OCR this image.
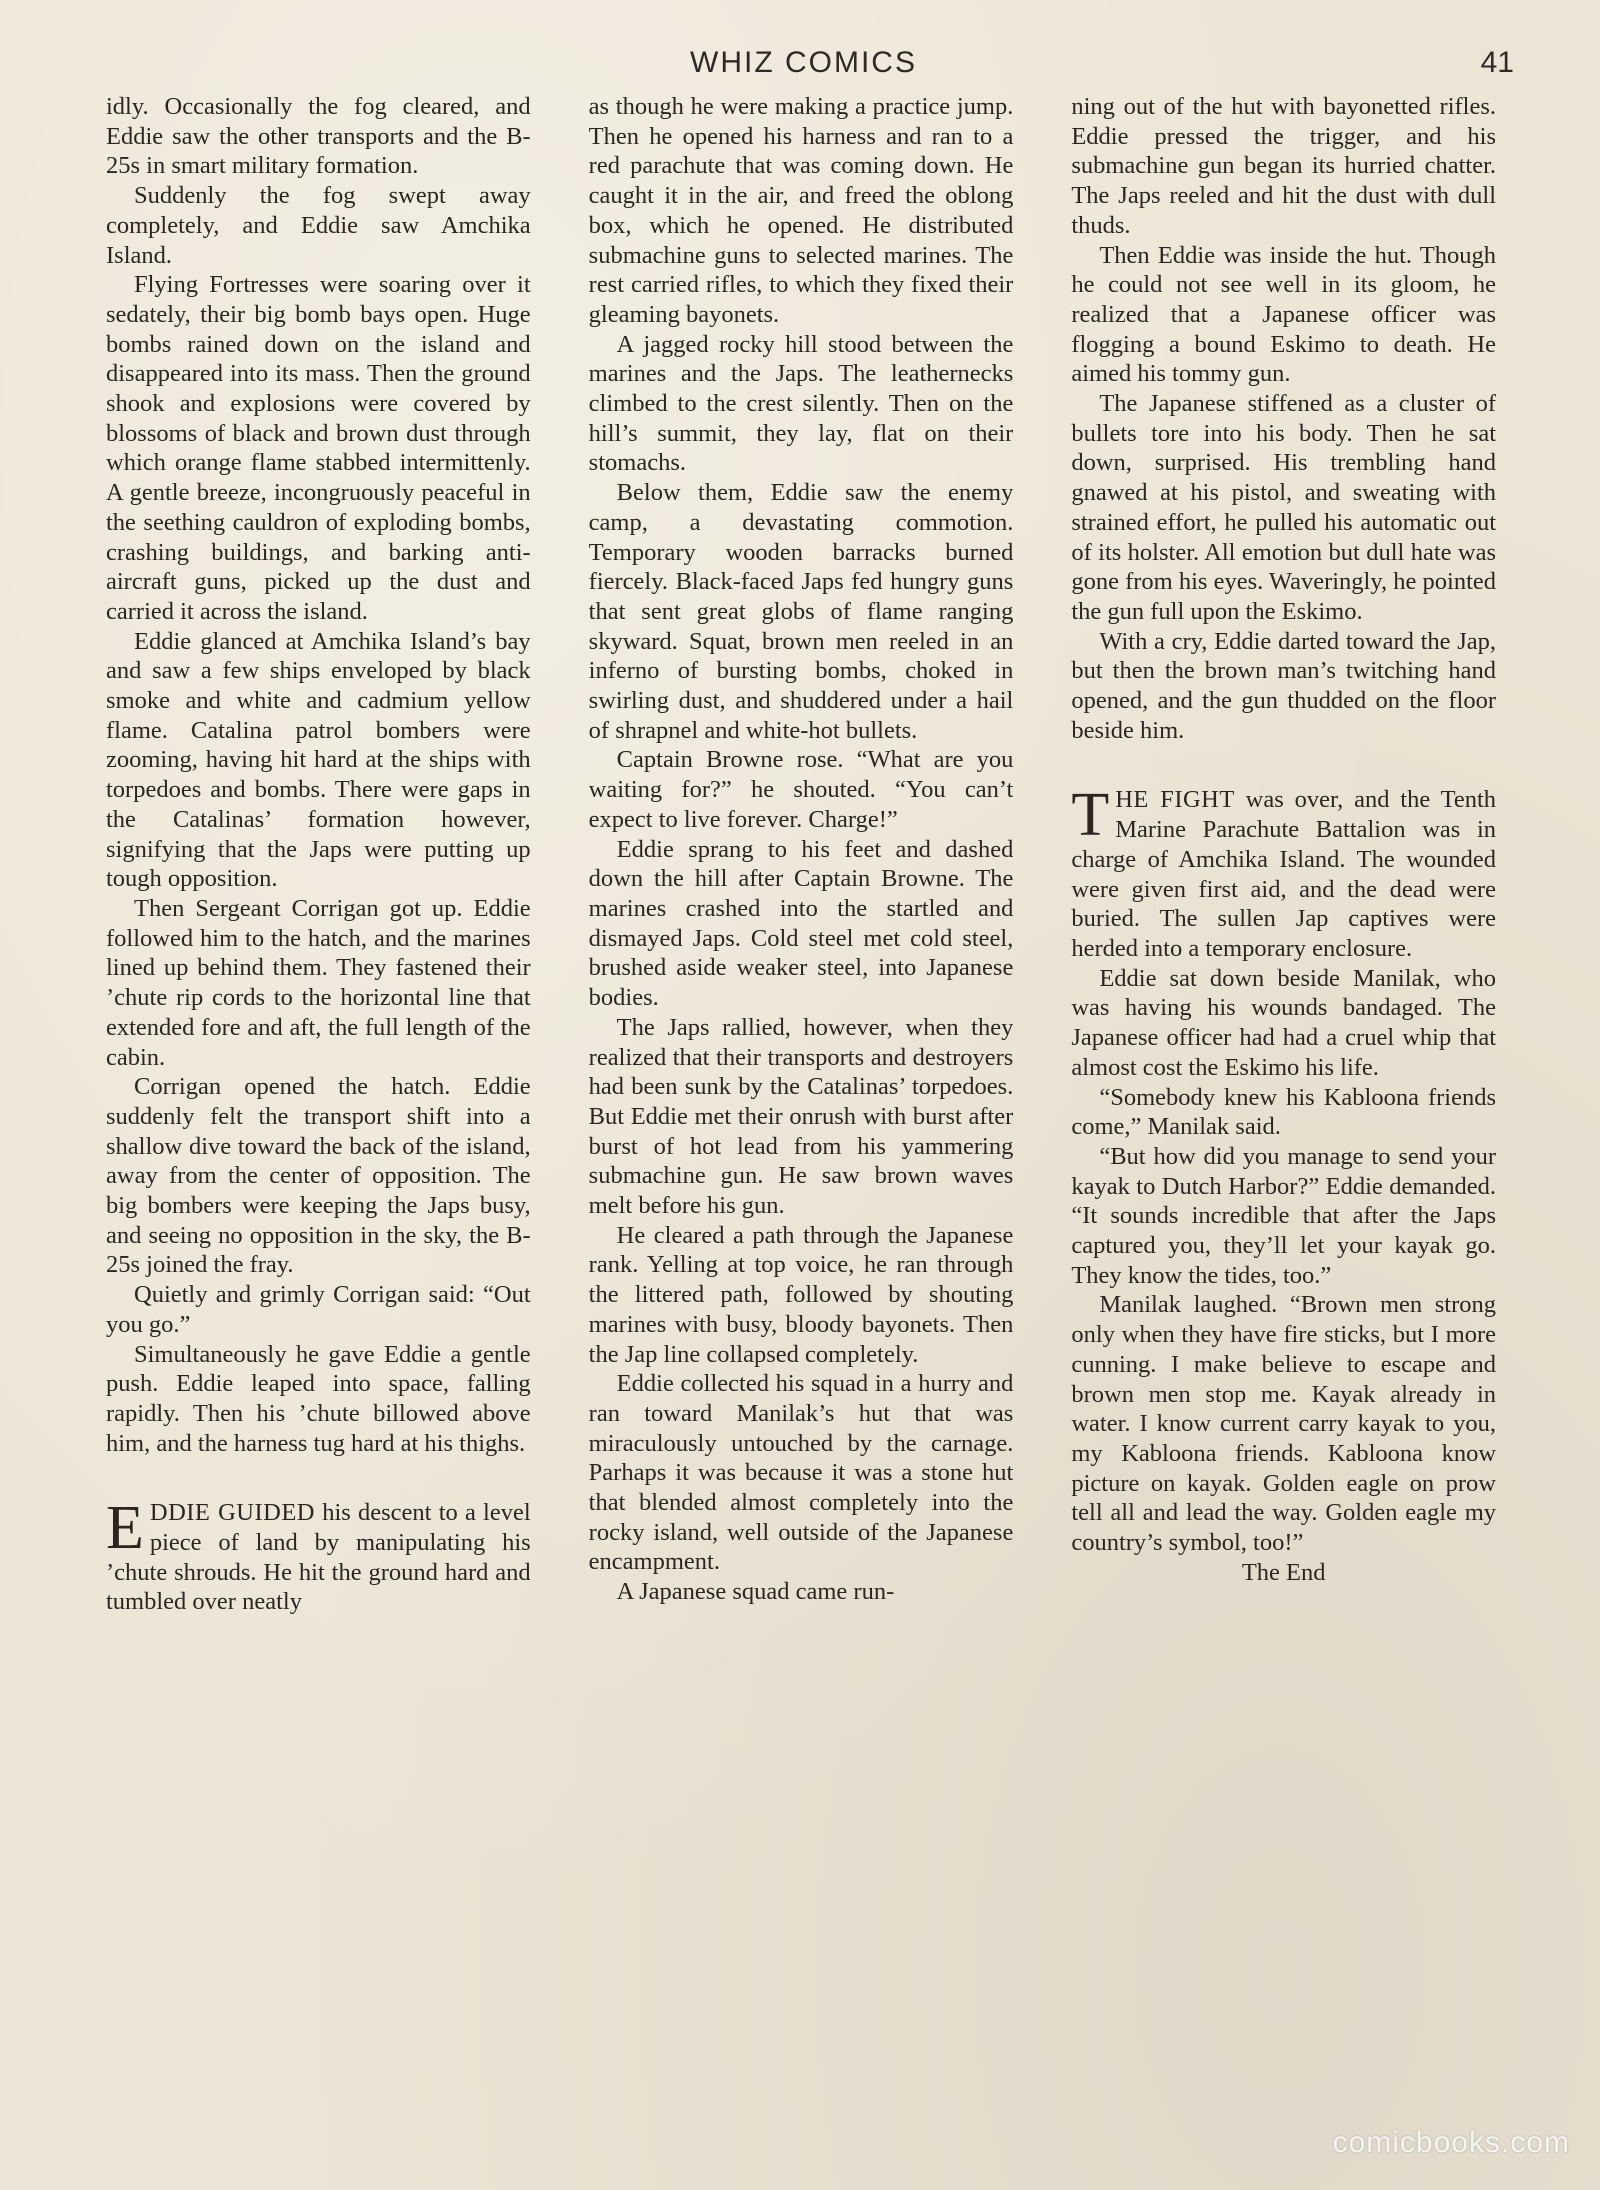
WHIZ COMICS	41

idly. Occasionally the fog cleared, and Eddie saw the other transports and the B-25s in smart military formation.

Suddenly the fog swept away completely, and Eddie saw Amchika Island.

Flying Fortresses were soaring over it sedately, their big bomb bays open. Huge bombs rained down on the island and disappeared into its mass. Then the ground shook and explosions were covered by blossoms of black and brown dust through which orange flame stabbed intermittenly. A gentle breeze, incongruously peaceful in the seething cauldron of exploding bombs, crashing buildings, and barking anti-aircraft guns, picked up the dust and carried it across the island.

Eddie glanced at Amchika Island’s bay and saw a few ships enveloped by black smoke and white and cadmium yellow flame. Catalina patrol bombers were zooming, having hit hard at the ships with torpedoes and bombs. There were gaps in the Catalinas’ formation however, signifying that the Japs were putting up tough opposition.

Then Sergeant Corrigan got up. Eddie followed him to the hatch, and the marines lined up behind them. They fastened their ’chute rip cords to the horizontal line that extended fore and aft, the full length of the cabin.

Corrigan opened the hatch. Eddie suddenly felt the transport shift into a shallow dive toward the back of the island, away from the center of opposition. The big bombers were keeping the Japs busy, and seeing no opposition in the sky, the B-25s joined the fray.

Quietly and grimly Corrigan said: “Out you go.”

Simultaneously he gave Eddie a gentle push. Eddie leaped into space, falling rapidly. Then his ’chute billowed above him, and the harness tug hard at his thighs.

EDDIE GUIDED his descent to a level piece of land by manipulating his ’chute shrouds. He hit the ground hard and tumbled over neatly

as though he were making a practice jump. Then he opened his harness and ran to a red parachute that was coming down. He caught it in the air, and freed the oblong box, which he opened. He distributed submachine guns to selected marines. The rest carried rifles, to which they fixed their gleaming bayonets.

A jagged rocky hill stood between the marines and the Japs. The leathernecks climbed to the crest silently. Then on the hill’s summit, they lay, flat on their stomachs.

Below them, Eddie saw the enemy camp, a devastating commotion. Temporary wooden barracks burned fiercely. Black-faced Japs fed hungry guns that sent great globs of flame ranging skyward. Squat, brown men reeled in an inferno of bursting bombs, choked in swirling dust, and shuddered under a hail of shrapnel and white-hot bullets.

Captain Browne rose. “What are you waiting for?” he shouted. “You can’t expect to live forever. Charge!”

Eddie sprang to his feet and dashed down the hill after Captain Browne. The marines crashed into the startled and dismayed Japs. Cold steel met cold steel, brushed aside weaker steel, into Japanese bodies.

The Japs rallied, however, when they realized that their transports and destroyers had been sunk by the Catalinas’ torpedoes. But Eddie met their onrush with burst after burst of hot lead from his yammering submachine gun. He saw brown waves melt before his gun.

He cleared a path through the Japanese rank. Yelling at top voice, he ran through the littered path, followed by shouting marines with busy, bloody bayonets. Then the Jap line collapsed completely.

Eddie collected his squad in a hurry and ran toward Manilak’s hut that was miraculously untouched by the carnage. Parhaps it was because it was a stone hut that blended almost completely into the rocky island, well outside of the Japanese encampment.

A Japanese squad came run-

ning out of the hut with bayonetted rifles. Eddie pressed the trigger, and his submachine gun began its hurried chatter. The Japs reeled and hit the dust with dull thuds.

Then Eddie was inside the hut. Though he could not see well in its gloom, he realized that a Japanese officer was flogging a bound Eskimo to death. He aimed his tommy gun.

The Japanese stiffened as a cluster of bullets tore into his body. Then he sat down, surprised. His trembling hand gnawed at his pistol, and sweating with strained effort, he pulled his automatic out of its holster. All emotion but dull hate was gone from his eyes. Waveringly, he pointed the gun full upon the Eskimo.

With a cry, Eddie darted toward the Jap, but then the brown man’s twitching hand opened, and the gun thudded on the floor beside him.

THE FIGHT was over, and the Tenth Marine Parachute Battalion was in charge of Amchika Island. The wounded were given first aid, and the dead were buried. The sullen Jap captives were herded into a temporary enclosure.

Eddie sat down beside Manilak, who was having his wounds bandaged. The Japanese officer had had a cruel whip that almost cost the Eskimo his life.

“Somebody knew his Kabloona friends come,” Manilak said.

“But how did you manage to send your kayak to Dutch Harbor?” Eddie demanded. “It sounds incredible that after the Japs captured you, they’ll let your kayak go. They know the tides, too.”

Manilak laughed. “Brown men strong only when they have fire sticks, but I more cunning. I make believe to escape and brown men stop me. Kayak already in water. I know current carry kayak to you, my Kabloona friends. Kabloona know picture on kayak. Golden eagle on prow tell all and lead the way. Golden eagle my country’s symbol, too!”

The End

comicbooks.com
